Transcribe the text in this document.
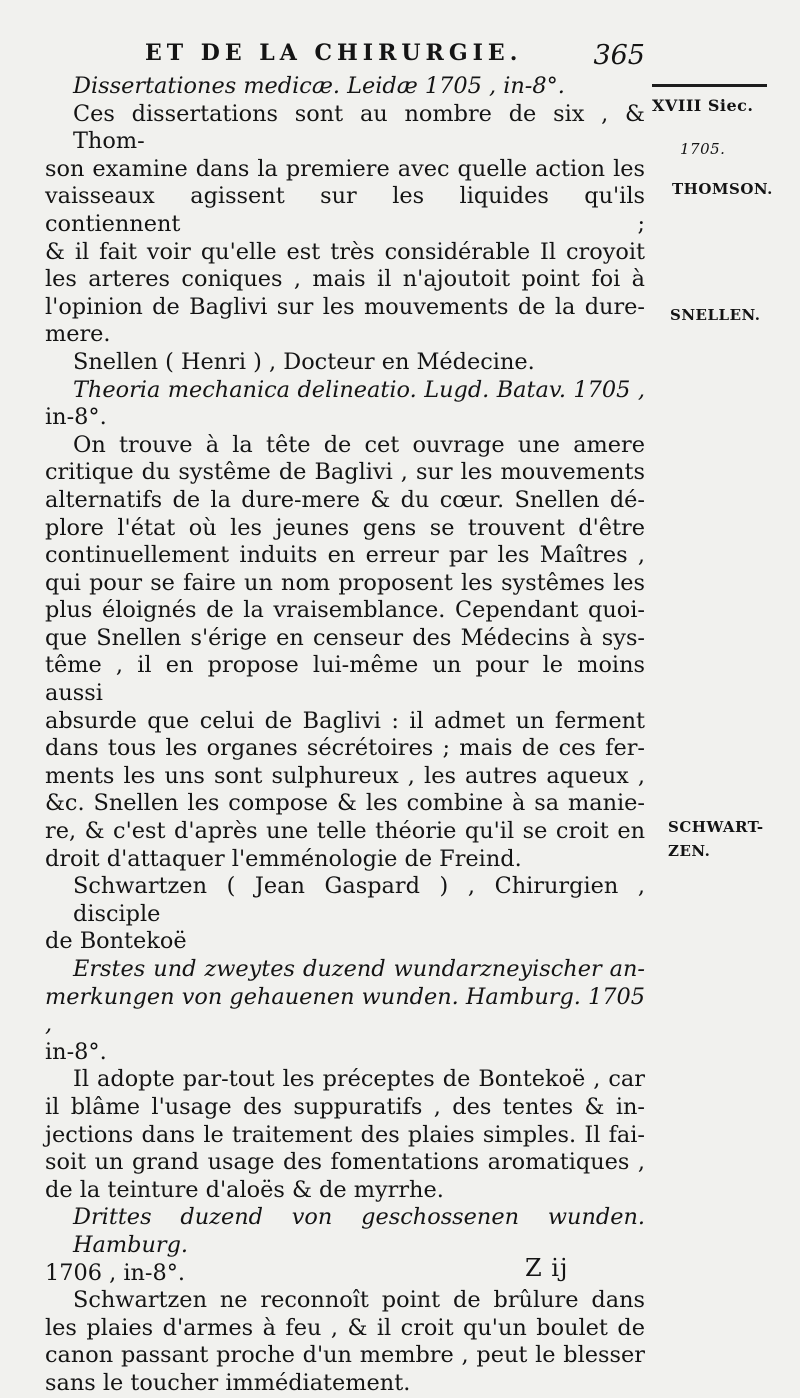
ET DE LA CHIRURGIE.	365
XVIII Siec.
1705.
THOMSON.
SNELLEN.
SCHWART-
ZEN.
Dissertationes medicæ. Leidæ 1705 , in-8°.
Ces dissertations sont au nombre de six , & Thom-
son examine dans la premiere avec quelle action les
vaisseaux agissent sur les liquides qu'ils contiennent ;
& il fait voir qu'elle est très considérable Il croyoit
les arteres coniques , mais il n'ajoutoit point foi à
l'opinion de Baglivi sur les mouvements de la dure-
mere.
Snellen ( Henri ) , Docteur en Médecine.
Theoria mechanica delineatio. Lugd. Batav. 1705 ,
in-8°.
On trouve à la tête de cet ouvrage une amere
critique du systême de Baglivi , sur les mouvements
alternatifs de la dure-mere & du cœur. Snellen dé-
plore l'état où les jeunes gens se trouvent d'être
continuellement induits en erreur par les Maîtres ,
qui pour se faire un nom proposent les systêmes les
plus éloignés de la vraisemblance. Cependant quoi-
que Snellen s'érige en censeur des Médecins à sys-
tême , il en propose lui-même un pour le moins aussi
absurde que celui de Baglivi : il admet un ferment
dans tous les organes sécrétoires ; mais de ces fer-
ments les uns sont sulphureux , les autres aqueux ,
&c. Snellen les compose & les combine à sa manie-
re, & c'est d'après une telle théorie qu'il se croit en
droit d'attaquer l'emménologie de Freind.
Schwartzen ( Jean Gaspard ) , Chirurgien , disciple
de Bontekoë
Erstes und zweytes duzend wundarzneyischer an-
merkungen von gehauenen wunden. Hamburg. 1705 ,
in-8°.
Il adopte par-tout les préceptes de Bontekoë , car
il blâme l'usage des suppuratifs , des tentes & in-
jections dans le traitement des plaies simples. Il fai-
soit un grand usage des fomentations aromatiques ,
de la teinture d'aloës & de myrrhe.
Drittes duzend von geschossenen wunden. Hamburg.
1706 , in-8°.
Schwartzen ne reconnoît point de brûlure dans
les plaies d'armes à feu , & il croit qu'un boulet de
canon passant proche d'un membre , peut le blesser
sans le toucher immédiatement.
Z ij
